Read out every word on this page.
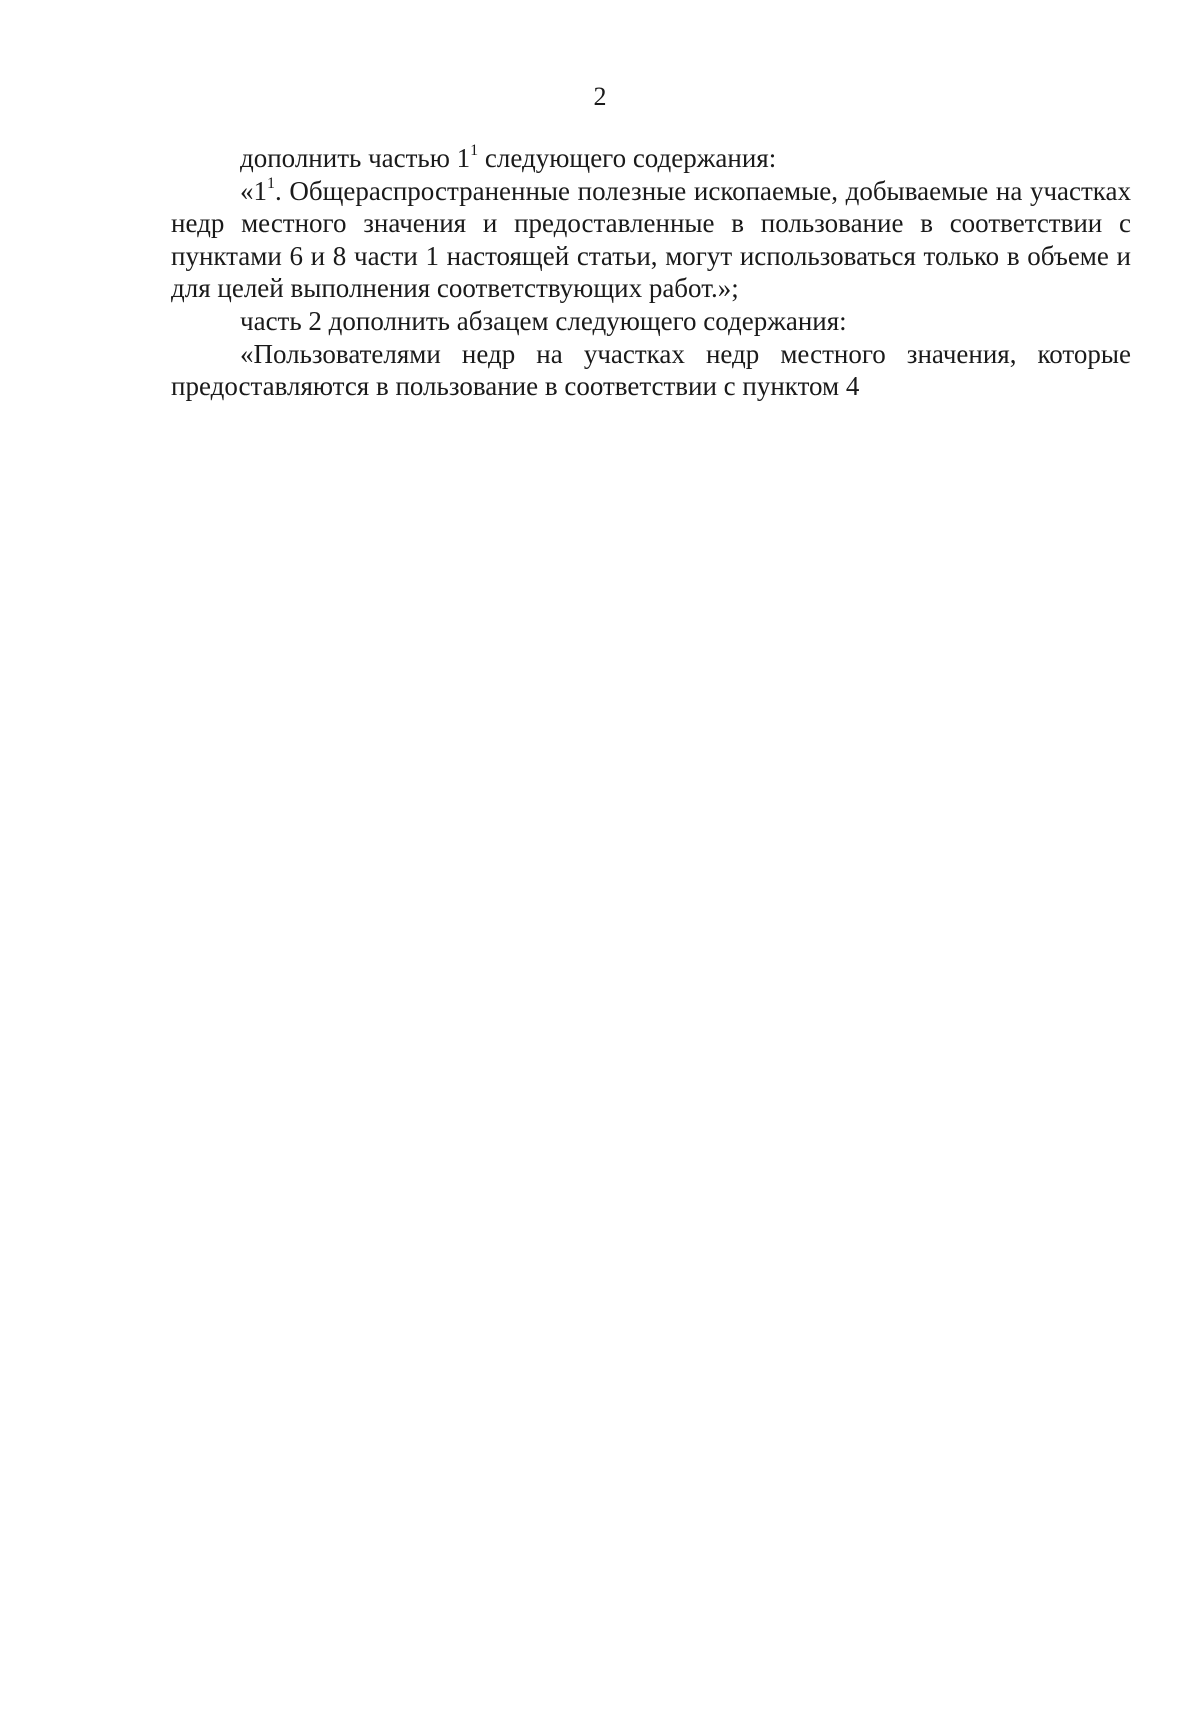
2

дополнить частью $1^1$ следующего содержания:

«$1^1$. Общераспространенные полезные ископаемые, добываемые на участках недр местного значения и предоставленные в пользование в соответствии с пунктами 6 и 8 части 1 настоящей статьи, могут использоваться только в объеме и для целей выполнения соответствующих работ.»;

часть 2 дополнить абзацем следующего содержания:

«Пользователями недр на участках недр местного значения, которые предоставляются в пользование в соответствии с пунктом 4
